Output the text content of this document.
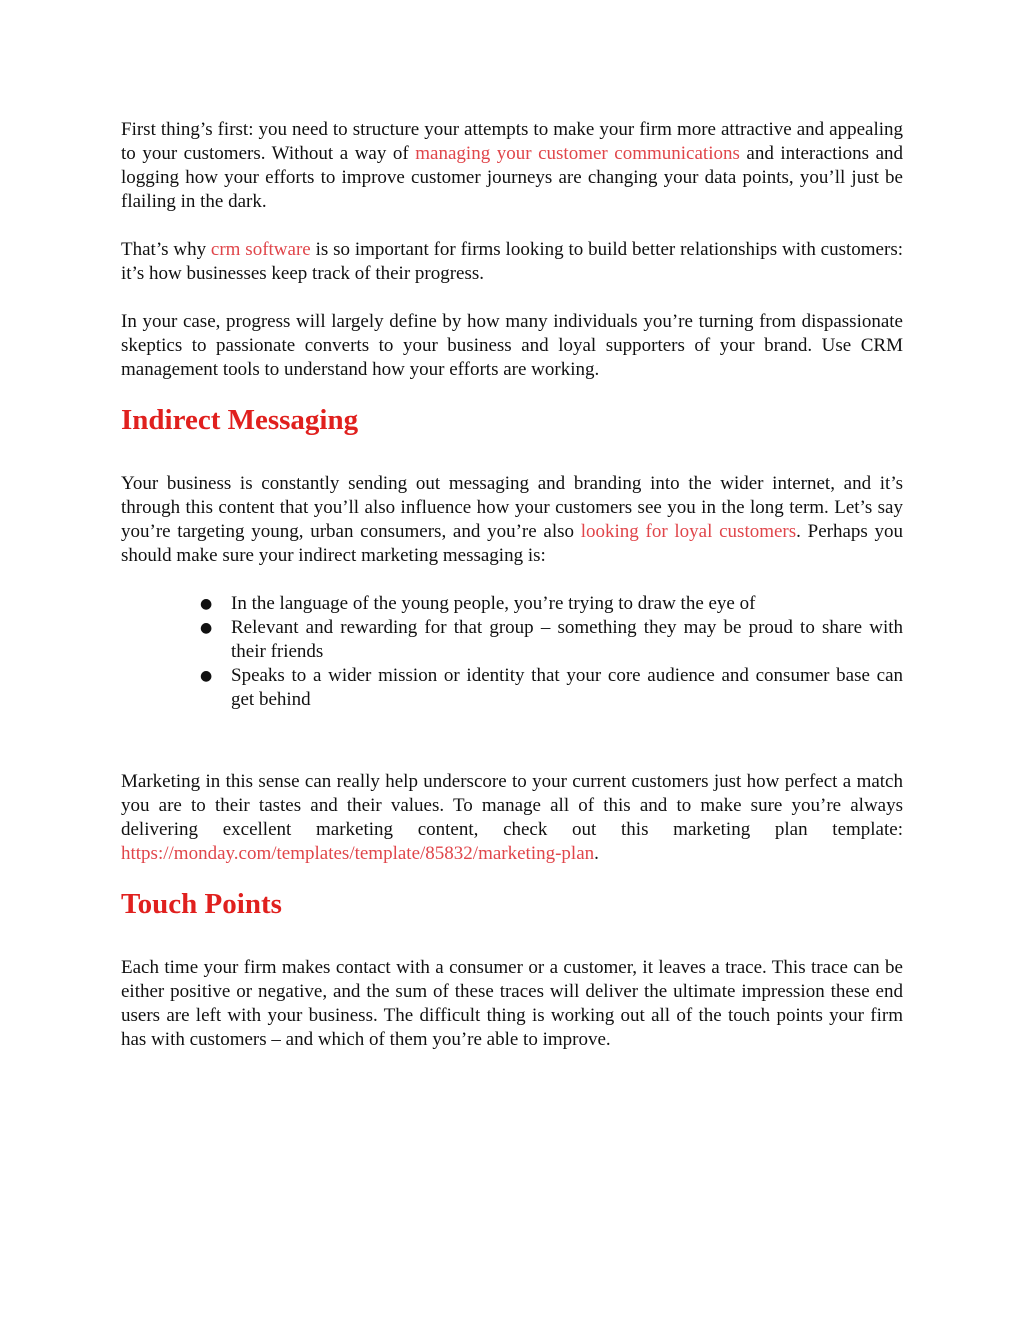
First thing’s first: you need to structure your attempts to make your firm more attractive and appealing to your customers. Without a way of managing your customer communications and interactions and logging how your efforts to improve customer journeys are changing your data points, you’ll just be flailing in the dark.

That’s why crm software is so important for firms looking to build better relationships with customers: it’s how businesses keep track of their progress.

In your case, progress will largely define by how many individuals you’re turning from dispassionate skeptics to passionate converts to your business and loyal supporters of your brand. Use CRM management tools to understand how your efforts are working.

Indirect Messaging

Your business is constantly sending out messaging and branding into the wider internet, and it’s through this content that you’ll also influence how your customers see you in the long term. Let’s say you’re targeting young, urban consumers, and you’re also looking for loyal customers. Perhaps you should make sure your indirect marketing messaging is:

● In the language of the young people, you’re trying to draw the eye of
● Relevant and rewarding for that group – something they may be proud to share with their friends
● Speaks to a wider mission or identity that your core audience and consumer base can get behind

Marketing in this sense can really help underscore to your current customers just how perfect a match you are to their tastes and their values. To manage all of this and to make sure you’re always delivering excellent marketing content, check out this marketing plan template: https://monday.com/templates/template/85832/marketing-plan.

Touch Points

Each time your firm makes contact with a consumer or a customer, it leaves a trace. This trace can be either positive or negative, and the sum of these traces will deliver the ultimate impression these end users are left with your business. The difficult thing is working out all of the touch points your firm has with customers – and which of them you’re able to improve.
